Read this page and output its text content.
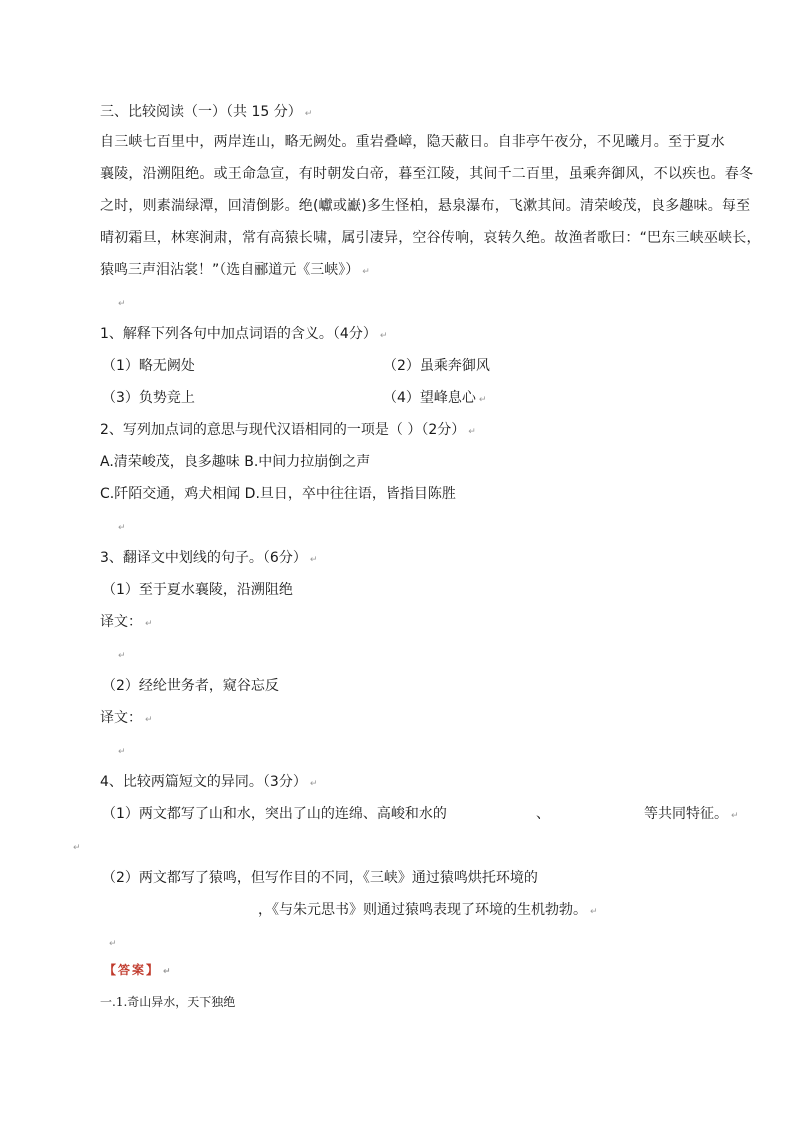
三、比较阅读（一）（共 15 分） ↵
自三峡七百里中，两岸连山，略无阙处。重岩叠嶂，隐天蔽日。自非亭午夜分，不见曦月。至于夏水
襄陵，沿溯阻绝。或王命急宣，有时朝发白帝，暮至江陵，其间千二百里，虽乘奔御风，不以疾也。春冬
之时，则素湍绿潭，回清倒影。绝(巘或巚)多生怪柏，悬泉瀑布，飞漱其间。清荣峻茂，良多趣味。每至
晴初霜旦，林寒涧肃，常有高猿长啸，属引凄异，空谷传响，哀转久绝。故渔者歌曰：“巴东三峡巫峡长，
猿鸣三声泪沾裳！”（选自郦道元《三峡》） ↵
↵
1、解释下列各句中加点词语的含义。（4分） ↵
（1）略无阙处	（2）虽乘奔御风
（3）负势竞上	（4）望峰息心 ↵
2、写列加点词的意思与现代汉语相同的一项是（ ）（2分） ↵
A.清荣峻茂，良多趣味 B.中间力拉崩倒之声
C.阡陌交通，鸡犬相闻 D.旦日，卒中往往语，皆指目陈胜
↵
3、翻译文中划线的句子。（6分） ↵
（1）至于夏水襄陵，沿溯阻绝
译文： ↵
↵
（2）经纶世务者，窥谷忘反
译文： ↵
↵
4、比较两篇短文的异同。（3分） ↵
（1）两文都写了山和水，突出了山的连绵、高峻和水的	、	等共同特征。 ↵
↵
（2）两文都写了猿鸣，但写作目的不同，《三峡》通过猿鸣烘托环境的
，《与朱元思书》则通过猿鸣表现了环境的生机勃勃。 ↵
↵
【答案】 ↵
一.1.奇山异水，天下独绝
